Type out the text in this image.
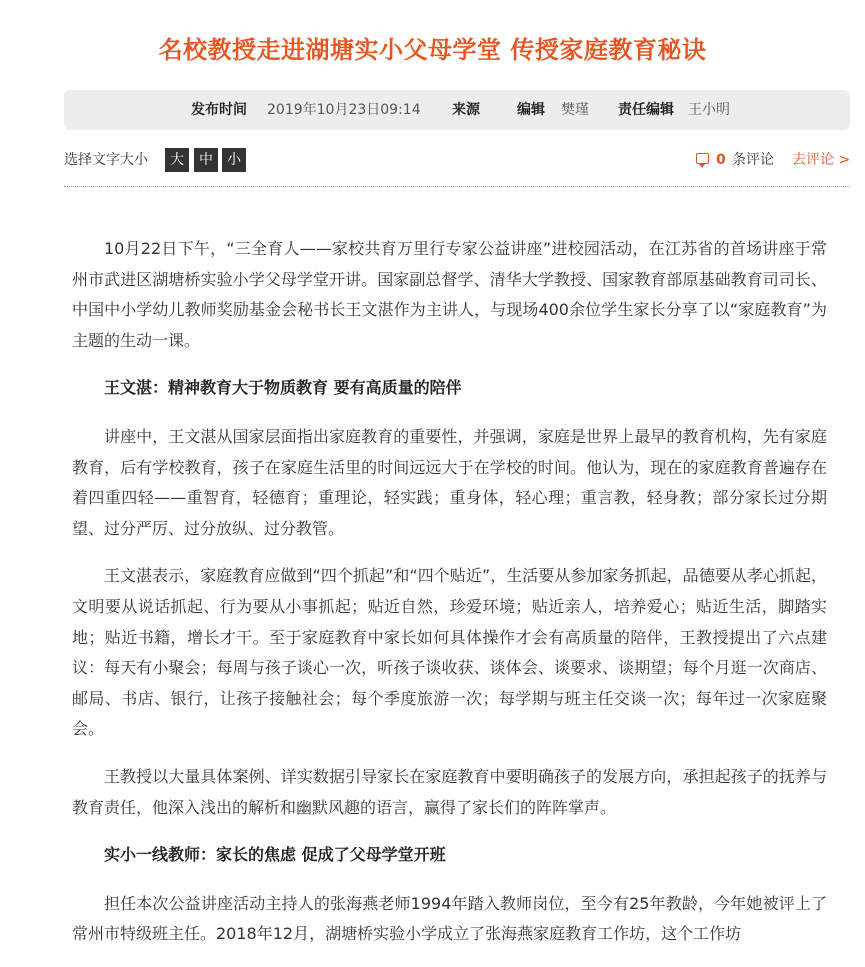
名校教授走进湖塘实小父母学堂 传授家庭教育秘诀
发布时间 2019年10月23日09:14 来源	编辑 樊瑾 责任编辑 王小明
选择文字大小	大	中	小	0 条评论 去评论 >

10月22日下午，“三全育人——家校共育万里行专家公益讲座”进校园活动，在江苏省的首场讲座于常州市武进区湖塘桥实验小学父母学堂开讲。国家副总督学、清华大学教授、国家教育部原基础教育司司长、中国中小学幼儿教师奖励基金会秘书长王文湛作为主讲人，与现场400余位学生家长分享了以“家庭教育”为主题的生动一课。

王文湛：精神教育大于物质教育 要有高质量的陪伴

讲座中，王文湛从国家层面指出家庭教育的重要性，并强调，家庭是世界上最早的教育机构，先有家庭教育，后有学校教育，孩子在家庭生活里的时间远远大于在学校的时间。他认为，现在的家庭教育普遍存在着四重四轻——重智育，轻德育；重理论，轻实践；重身体，轻心理；重言教，轻身教；部分家长过分期望、过分严厉、过分放纵、过分教管。

王文湛表示，家庭教育应做到“四个抓起”和“四个贴近”，生活要从参加家务抓起，品德要从孝心抓起，文明要从说话抓起、行为要从小事抓起；贴近自然，珍爱环境；贴近亲人，培养爱心；贴近生活，脚踏实地；贴近书籍，增长才干。至于家庭教育中家长如何具体操作才会有高质量的陪伴，王教授提出了六点建议：每天有小聚会；每周与孩子谈心一次，听孩子谈收获、谈体会、谈要求、谈期望；每个月逛一次商店、邮局、书店、银行，让孩子接触社会；每个季度旅游一次；每学期与班主任交谈一次；每年过一次家庭聚会。

王教授以大量具体案例、详实数据引导家长在家庭教育中要明确孩子的发展方向，承担起孩子的抚养与教育责任，他深入浅出的解析和幽默风趣的语言，赢得了家长们的阵阵掌声。

实小一线教师：家长的焦虑 促成了父母学堂开班

担任本次公益讲座活动主持人的张海燕老师1994年踏入教师岗位，至今有25年教龄，今年她被评上了常州市特级班主任。2018年12月，湖塘桥实验小学成立了张海燕家庭教育工作坊，这个工作坊
